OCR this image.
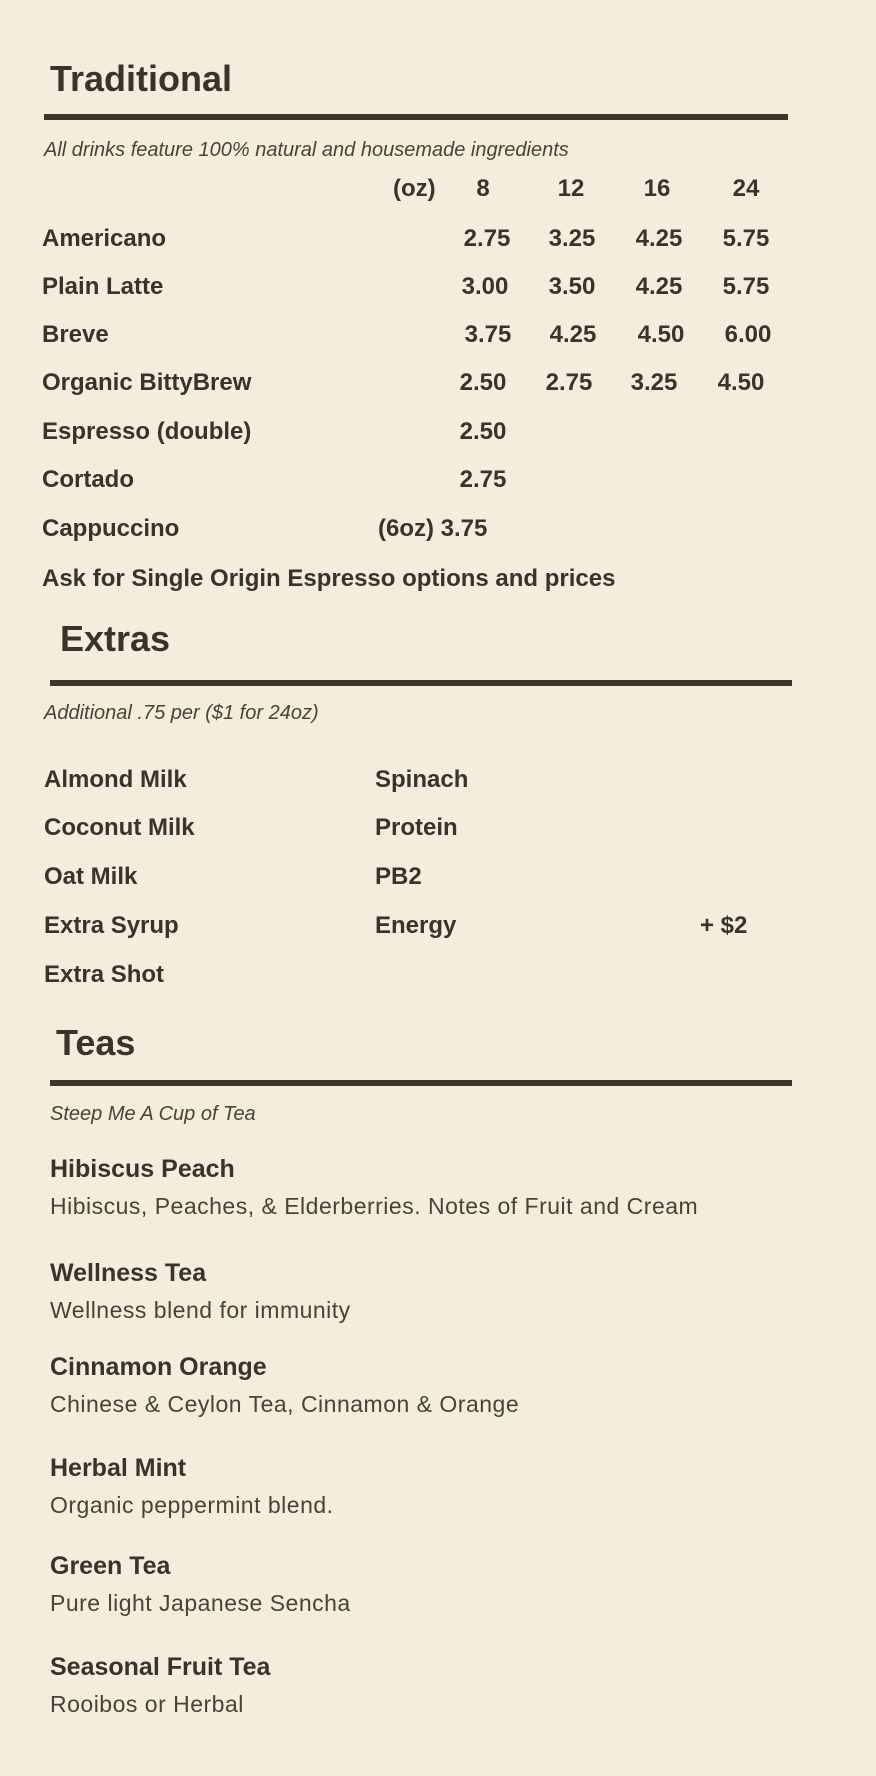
Traditional
All drinks feature 100% natural and housemade ingredients
(oz)	8	12	16	24
Americano	2.75	3.25	4.25	5.75
Plain Latte	3.00	3.50	4.25	5.75
Breve	3.75	4.25	4.50	6.00
Organic BittyBrew	2.50	2.75	3.25	4.50
Espresso (double)	2.50
Cortado	2.75
Cappuccino	(6oz) 3.75
Ask for Single Origin Espresso options and prices
Extras
Additional .75 per ($1 for 24oz)
Almond Milk
Coconut Milk
Oat Milk
Extra Syrup
Extra Shot
Spinach
Protein
PB2
Energy	+ $2
Teas
Steep Me A Cup of Tea
Hibiscus Peach
Hibiscus, Peaches, & Elderberries. Notes of Fruit and Cream
Wellness Tea
Wellness blend for immunity
Cinnamon Orange
Chinese & Ceylon Tea, Cinnamon & Orange
Herbal Mint
Organic peppermint blend.
Green Tea
Pure light Japanese Sencha
Seasonal Fruit Tea
Rooibos or Herbal
